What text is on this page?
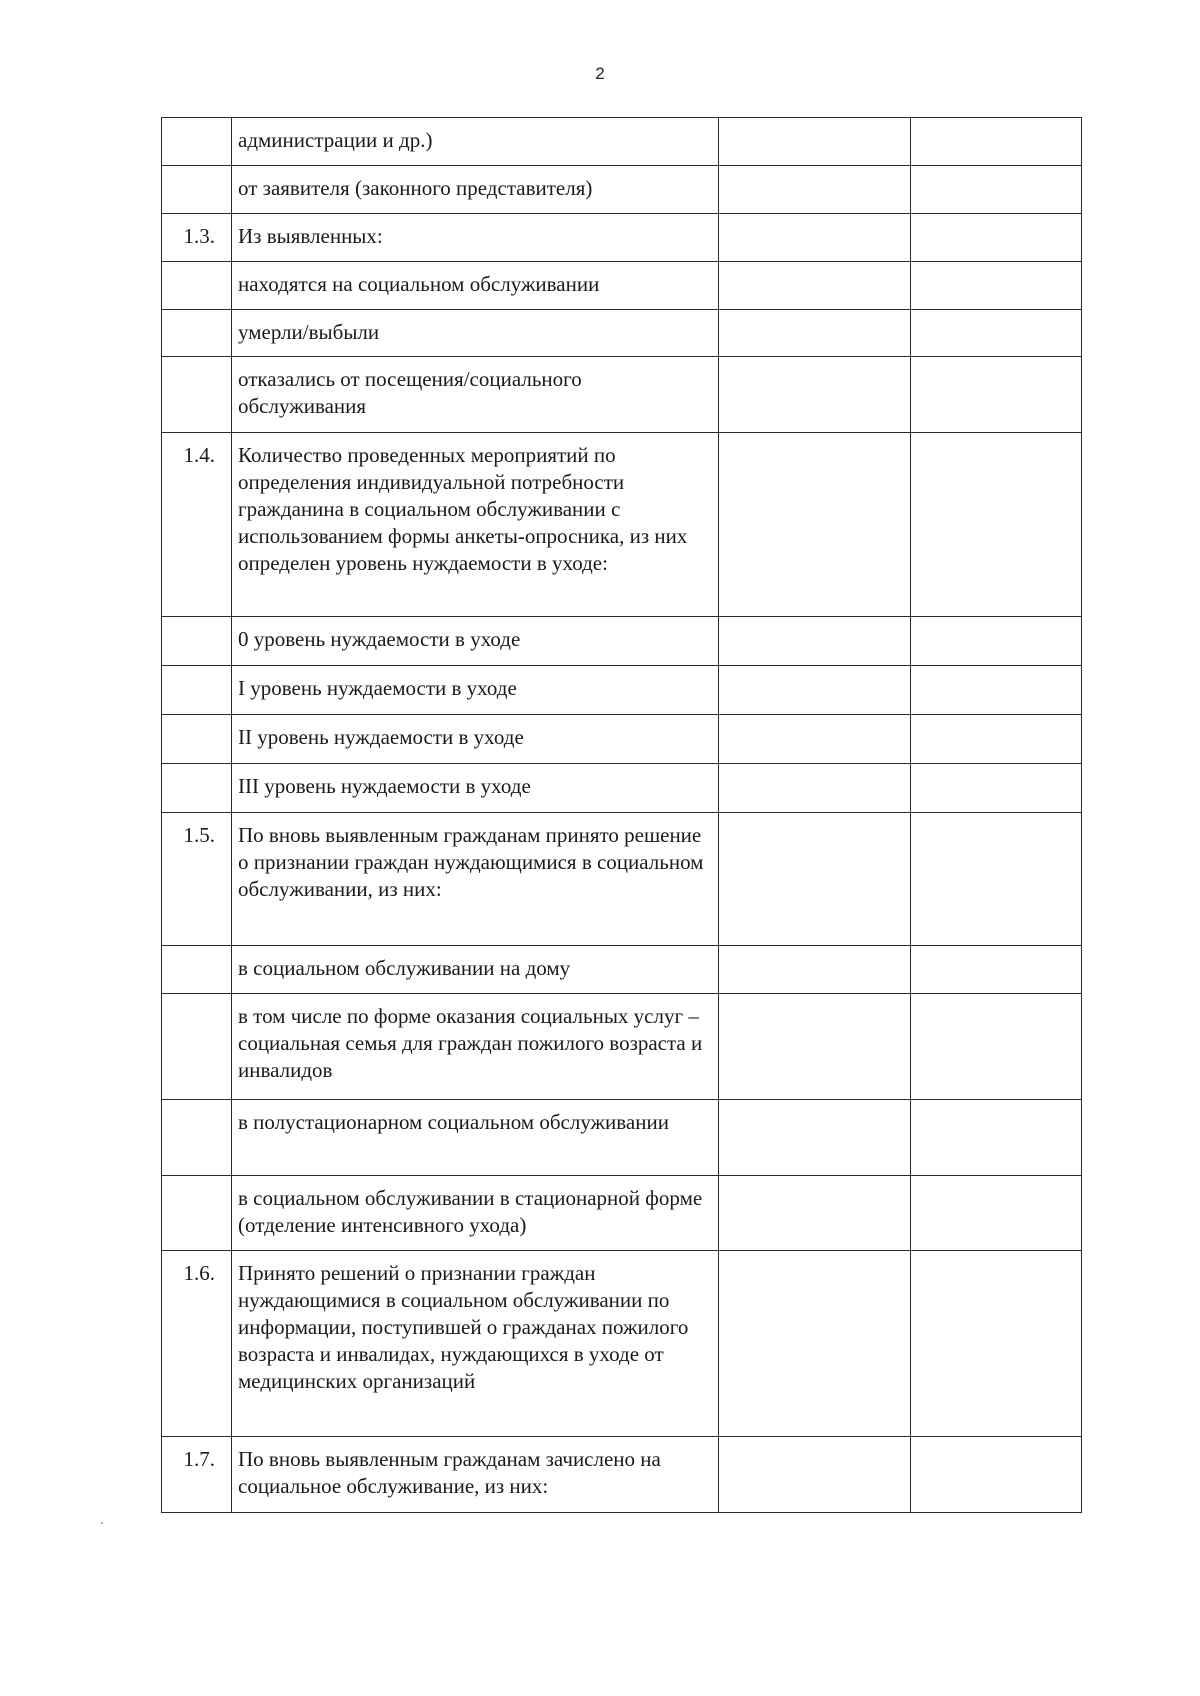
2
	администрации и др.)		
	от заявителя (законного представителя)		
1.3.	Из выявленных:		
	находятся на социальном обслуживании		
	умерли/выбыли		
	отказались от посещения/социального обслуживания		
1.4.	Количество проведенных мероприятий по определения индивидуальной потребности гражданина в социальном обслуживании с использованием формы анкеты-опросника, из них определен уровень нуждаемости в уходе:		
	0 уровень нуждаемости в уходе		
	I уровень нуждаемости в уходе		
	II уровень нуждаемости в уходе		
	III уровень нуждаемости в уходе		
1.5.	По вновь выявленным гражданам принято решение о признании граждан нуждающимися в социальном обслуживании, из них:		
	в социальном обслуживании на дому		
	в том числе по форме оказания социальных услуг – социальная семья для граждан пожилого возраста и инвалидов		
	в полустационарном социальном обслуживании		
	в социальном обслуживании в стационарной форме (отделение интенсивного ухода)		
1.6.	Принято решений о признании граждан нуждающимися в социальном обслуживании по информации, поступившей о гражданах пожилого возраста и инвалидах, нуждающихся в уходе от медицинских организаций		
1.7.	По вновь выявленным гражданам зачислено на социальное обслуживание, из них:		
